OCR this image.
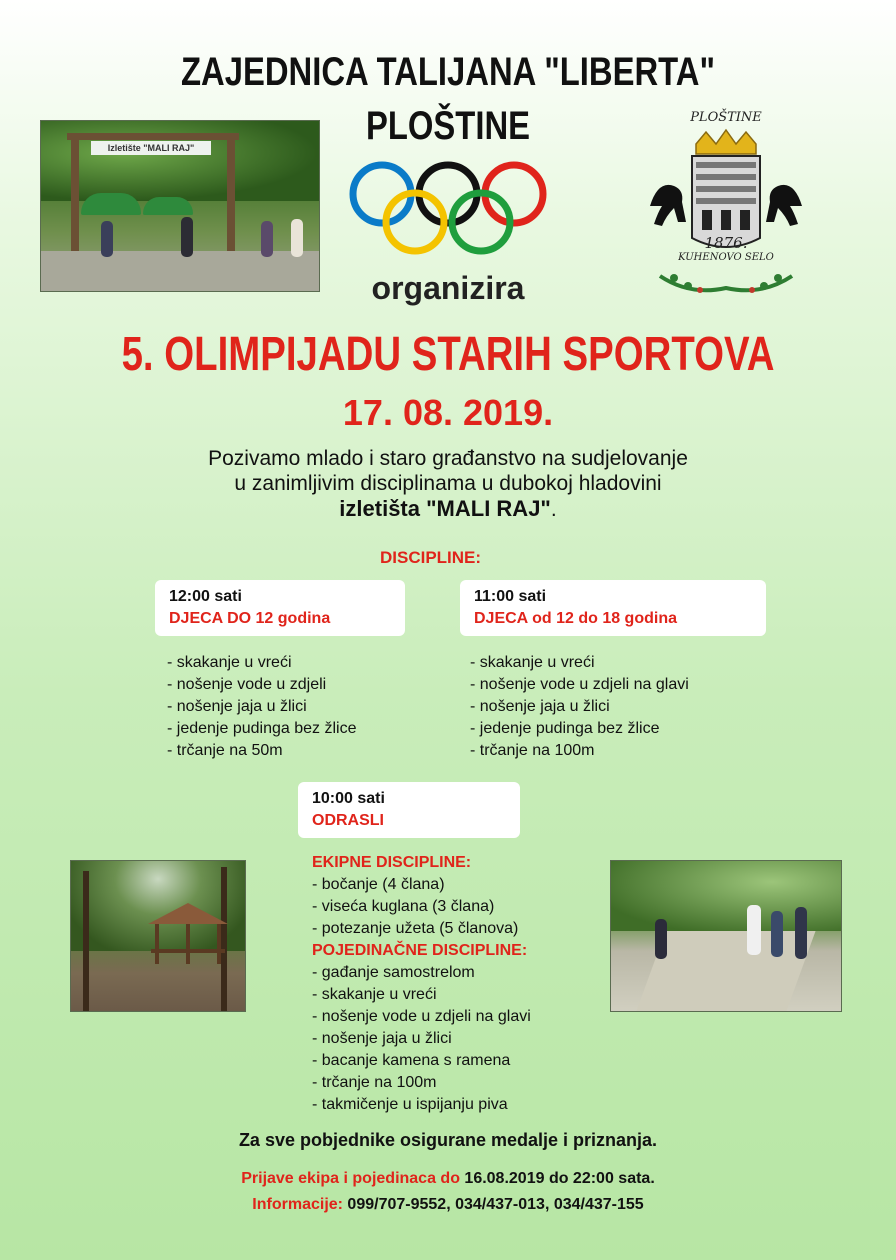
ZAJEDNICA TALIJANA "LIBERTA"
PLOŠTINE
organizira
Izletište "MALI RAJ"
PLOŠTINE
1876.
KUHENOVO SELO
5. OLIMPIJADU STARIH SPORTOVA
17. 08. 2019.
Pozivamo mlado i staro građanstvo na sudjelovanje
u zanimljivim disciplinama u dubokoj hladovini
izletišta "MALI RAJ".
DISCIPLINE:
12:00 sati
DJECA DO 12 godina
- skakanje u vreći
- nošenje vode u zdjeli
- nošenje jaja u žlici
- jedenje pudinga bez žlice
- trčanje na 50m
11:00 sati
DJECA od 12 do 18 godina
- skakanje u vreći
- nošenje vode u zdjeli na glavi
- nošenje jaja u žlici
- jedenje pudinga bez žlice
- trčanje na 100m
10:00 sati
ODRASLI
EKIPNE DISCIPLINE:
- bočanje (4 člana)
- viseća kuglana (3 člana)
- potezanje užeta (5 članova)
POJEDINAČNE DISCIPLINE:
- gađanje samostrelom
- skakanje u vreći
- nošenje vode u zdjeli na glavi
- nošenje jaja u žlici
- bacanje kamena s ramena
- trčanje na 100m
- takmičenje u ispijanju piva
Za sve pobjednike osigurane medalje i priznanja.
Prijave ekipa i pojedinaca do 16.08.2019 do 22:00 sata.
Informacije: 099/707-9552, 034/437-013, 034/437-155
